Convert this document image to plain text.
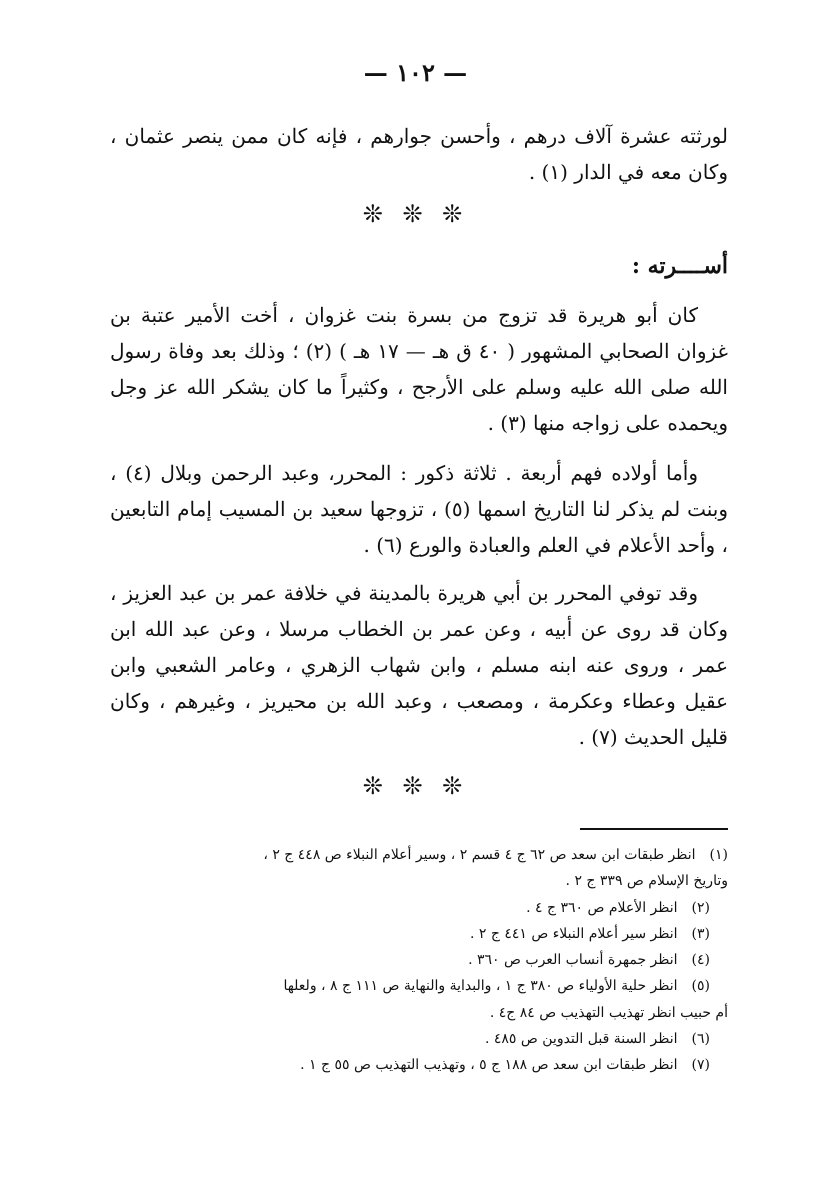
— ١٠٢ —

لورثته عشرة آلاف درهم ، وأحسن جوارهم ، فإنه كان ممن ينصر عثمان ، وكان معه في الدار (١) .

❊ ❊ ❊
أســــرته :

كان أبو هريرة قد تزوج من بسرة بنت غزوان ، أخت الأمير عتبة بن غزوان الصحابي المشهور ( ٤٠ ق هـ — ١٧ هـ ) (٢) ؛ وذلك بعد وفاة رسول الله صلى الله عليه وسلم على الأرجح ، وكثيراً ما كان يشكر الله عز وجل ويحمده على زواجه منها (٣) .

وأما أولاده فهم أربعة . ثلاثة ذكور : المحرر، وعبد الرحمن وبلال (٤) ، وبنت لم يذكر لنا التاريخ اسمها (٥) ، تزوجها سعيد بن المسيب إمام التابعين ، وأحد الأعلام في العلم والعبادة والورع (٦) .

وقد توفي المحرر بن أبي هريرة بالمدينة في خلافة عمر بن عبد العزيز ، وكان قد روى عن أبيه ، وعن عمر بن الخطاب مرسلا ، وعن عبد الله ابن عمر ، وروى عنه ابنه مسلم ، وابن شهاب الزهري ، وعامر الشعبي وابن عقيل وعطاء وعكرمة ، ومصعب ، وعبد الله بن محيريز ، وغيرهم ، وكان قليل الحديث (٧) .

❊ ❊ ❊

(١) انظر طبقات ابن سعد ص ٦٢ ج ٤ قسم ٢ ، وسير أعلام النبلاء ص ٤٤٨ ج ٢ ،

وتاريخ الإسلام ص ٣٣٩ ج ٢ .

(٢) انظر الأعلام ص ٣٦٠ ج ٤ .

(٣) انظر سير أعلام النبلاء ص ٤٤١ ج ٢ .

(٤) انظر جمهرة أنساب العرب ص ٣٦٠ .

(٥) انظر حلية الأولياء ص ٣٨٠ ج ١ ، والبداية والنهاية ص ١١١ ج ٨ ، ولعلها

أم حبيب انظر تهذيب التهذيب ص ٨٤ ج٤ .

(٦) انظر السنة قبل التدوين ص ٤٨٥ .

(٧) انظر طبقات ابن سعد ص ١٨٨ ج ٥ ، وتهذيب التهذيب ص ٥٥ ج ١ .
